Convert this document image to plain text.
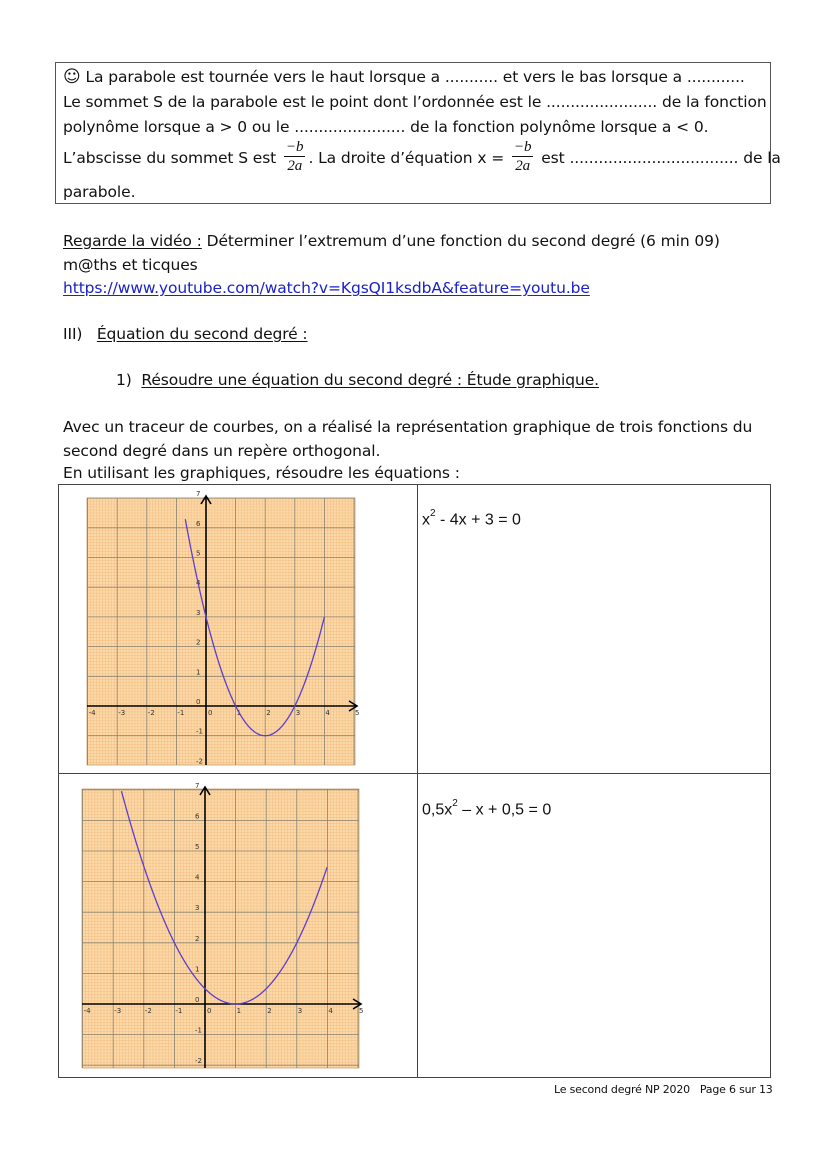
☺ La parabole est tournée vers le haut lorsque a ........... et vers le bas lorsque a ............
Le sommet S de la parabole est le point dont l’ordonnée est le ....................... de la fonction
polynôme lorsque a > 0 ou le ....................... de la fonction polynôme lorsque a < 0.
L’abscisse du sommet S est $\frac{-b}{2a}$ . La droite d’équation $x = \frac{-b}{2a}$ est ................................... de la
parabole.
Regarde la vidéo : Déterminer l’extremum d’une fonction du second degré (6 min 09)
m@ths et ticques
https://www.youtube.com/watch?v=KgsQI1ksdbA&feature=youtu.be
III) Équation du second degré :
1) Résoudre une équation du second degré : Étude graphique.
Avec un traceur de courbes, on a réalisé la représentation graphique de trois fonctions du
second degré dans un repère orthogonal.
En utilisant les graphiques, résoudre les équations :
$x^2 - 4x + 3 = 0$
$0,5x^2 - x + 0,5 = 0$
-4	-3	-2	-1	1	2	3	4	5
-2
-1
0
1
2
3
4
5
6
7
0
-4	-3	-2	-1	1	2	3	4	5
-2
-1
0
1
2
3
4
5
6
7
0
Le second degré NP 2020 Page 6 sur 13
